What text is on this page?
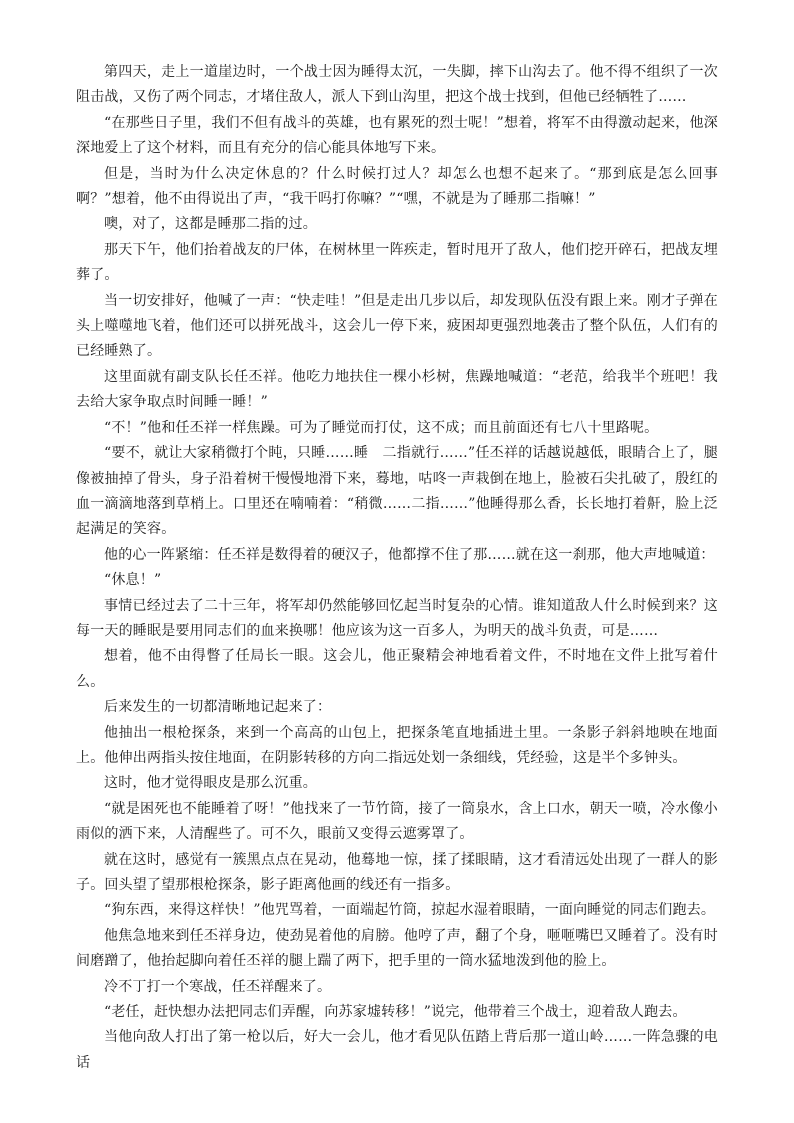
第四天，走上一道崖边时，一个战士因为睡得太沉，一失脚，摔下山沟去了。他不得不组织了一次阻击战，又伤了两个同志，才堵住敌人，派人下到山沟里，把这个战士找到，但他已经牺牲了……

“在那些日子里，我们不但有战斗的英雄，也有累死的烈士呢！”想着，将军不由得激动起来，他深深地爱上了这个材料，而且有充分的信心能具体地写下来。

但是，当时为什么决定休息的？什么时候打过人？却怎么也想不起来了。“那到底是怎么回事啊？”想着，他不由得说出了声，“我干吗打你嘛？”“嘿，不就是为了睡那二指嘛！”

噢，对了，这都是睡那二指的过。

那天下午，他们抬着战友的尸体，在树林里一阵疾走，暂时甩开了敌人，他们挖开碎石，把战友埋葬了。

当一切安排好，他喊了一声：“快走哇！”但是走出几步以后，却发现队伍没有跟上来。刚才子弹在头上噬噬地飞着，他们还可以拼死战斗，这会儿一停下来，疲困却更强烈地袭击了整个队伍，人们有的已经睡熟了。

这里面就有副支队长任丕祥。他吃力地扶住一棵小杉树，焦躁地喊道：“老范，给我半个班吧！我去给大家争取点时间睡一睡！”

“不！”他和任丕祥一样焦躁。可为了睡觉而打仗，这不成；而且前面还有七八十里路呢。

“要不，就让大家稍微打个盹，只睡……睡　二指就行……”任丕祥的话越说越低，眼睛合上了，腿像被抽掉了骨头，身子沿着树干慢慢地滑下来，蓦地，咕咚一声栽倒在地上，脸被石尖扎破了，殷红的血一滴滴地落到草梢上。口里还在喃喃着：“稍微……二指……”他睡得那么香，长长地打着鼾，脸上泛起满足的笑容。

他的心一阵紧缩：任丕祥是数得着的硬汉子，他都撑不住了那……就在这一刹那，他大声地喊道：

“休息！”

事情已经过去了二十三年，将军却仍然能够回忆起当时复杂的心情。谁知道敌人什么时候到来？这每一天的睡眠是要用同志们的血来换哪！他应该为这一百多人，为明天的战斗负责，可是……

想着，他不由得瞥了任局长一眼。这会儿，他正聚精会神地看着文件，不时地在文件上批写着什么。

后来发生的一切都清晰地记起来了：

他抽出一根枪探条，来到一个高高的山包上，把探条笔直地插进土里。一条影子斜斜地映在地面上。他伸出两指头按住地面，在阴影转移的方向二指远处划一条细线，凭经验，这是半个多钟头。

这时，他才觉得眼皮是那么沉重。

“就是困死也不能睡着了呀！”他找来了一节竹筒，接了一筒泉水，含上口水，朝天一喷，冷水像小雨似的洒下来，人清醒些了。可不久，眼前又变得云遮雾罩了。

就在这时，感觉有一簇黑点点在晃动，他蓦地一惊，揉了揉眼睛，这才看清远处出现了一群人的影子。回头望了望那根枪探条，影子距离他画的线还有一指多。

“狗东西，来得这样快！”他咒骂着，一面端起竹筒，掠起水湿着眼睛，一面向睡觉的同志们跑去。

他焦急地来到任丕祥身边，使劲晃着他的肩膀。他哼了声，翻了个身，咂咂嘴巴又睡着了。没有时间磨蹭了，他抬起脚向着任丕祥的腿上踹了两下，把手里的一筒水猛地泼到他的脸上。

冷不丁打一个寒战，任丕祥醒来了。

“老任，赶快想办法把同志们弄醒，向苏家墟转移！”说完，他带着三个战士，迎着敌人跑去。

当他向敌人打出了第一枪以后，好大一会儿，他才看见队伍踏上背后那一道山岭……一阵急骤的电话
